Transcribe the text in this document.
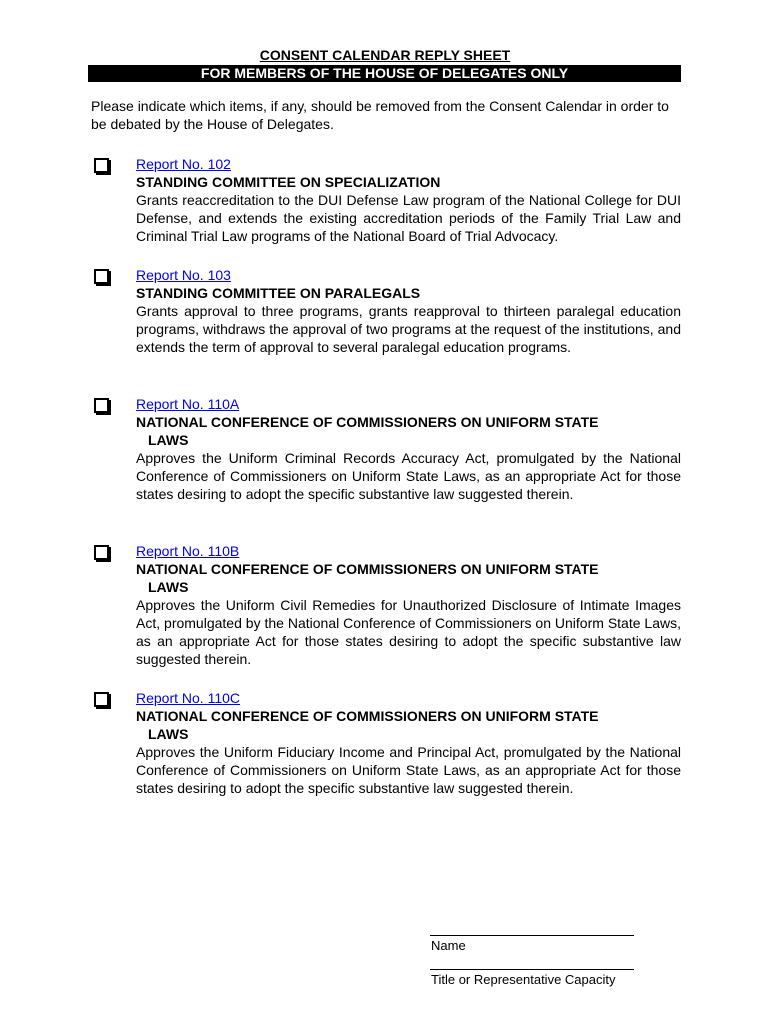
CONSENT CALENDAR REPLY SHEET
FOR MEMBERS OF THE HOUSE OF DELEGATES ONLY
Please indicate which items, if any, should be removed from the Consent Calendar in order to be debated by the House of Delegates.
Report No. 102
STANDING COMMITTEE ON SPECIALIZATION
Grants reaccreditation to the DUI Defense Law program of the National College for DUI Defense, and extends the existing accreditation periods of the Family Trial Law and Criminal Trial Law programs of the National Board of Trial Advocacy.
Report No. 103
STANDING COMMITTEE ON PARALEGALS
Grants approval to three programs, grants reapproval to thirteen paralegal education programs, withdraws the approval of two programs at the request of the institutions, and extends the term of approval to several paralegal education programs.
Report No. 110A
NATIONAL CONFERENCE OF COMMISSIONERS ON UNIFORM STATE
LAWS
Approves the Uniform Criminal Records Accuracy Act, promulgated by the National Conference of Commissioners on Uniform State Laws, as an appropriate Act for those states desiring to adopt the specific substantive law suggested therein.
Report No. 110B
NATIONAL CONFERENCE OF COMMISSIONERS ON UNIFORM STATE
LAWS
Approves the Uniform Civil Remedies for Unauthorized Disclosure of Intimate Images Act, promulgated by the National Conference of Commissioners on Uniform State Laws, as an appropriate Act for those states desiring to adopt the specific substantive law suggested therein.
Report No. 110C
NATIONAL CONFERENCE OF COMMISSIONERS ON UNIFORM STATE
LAWS
Approves the Uniform Fiduciary Income and Principal Act, promulgated by the National Conference of Commissioners on Uniform State Laws, as an appropriate Act for those states desiring to adopt the specific substantive law suggested therein.
Name
Title or Representative Capacity
